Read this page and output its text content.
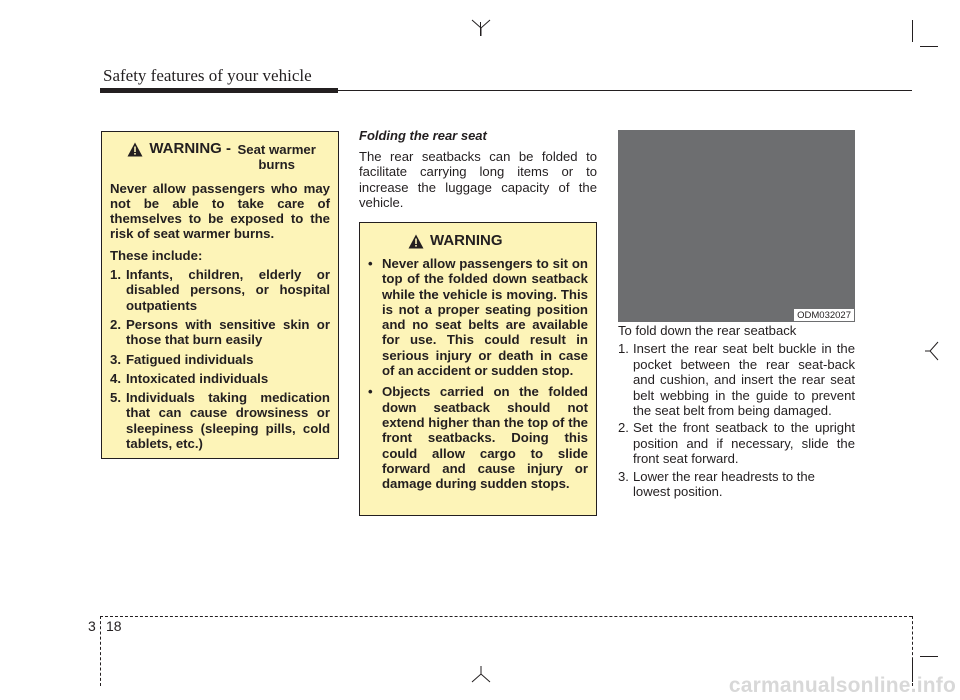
Safety features of your vehicle
WARNING - Seat warmer burns

Never allow passengers who may not be able to take care of themselves to be exposed to the risk of seat warmer burns.

These include:

1. Infants, children, elderly or disabled persons, or hospital outpatients
2. Persons with sensitive skin or those that burn easily
3. Fatigued individuals
4. Intoxicated individuals
5. Individuals taking medication that can cause drowsiness or sleepiness (sleeping pills, cold tablets, etc.)
Folding the rear seat

The rear seatbacks can be folded to facilitate carrying long items or to increase the luggage capacity of the vehicle.

WARNING
• Never allow passengers to sit on top of the folded down seatback while the vehicle is moving. This is not a proper seating position and no seat belts are available for use. This could result in serious injury or death in case of an accident or sudden stop.
• Objects carried on the folded down seatback should not extend higher than the top of the front seatbacks. Doing this could allow cargo to slide forward and cause injury or damage during sudden stops.
ODM032027

To fold down the rear seatback

1. Insert the rear seat belt buckle in the pocket between the rear seat-back and cushion, and insert the rear seat belt webbing in the guide to prevent the seat belt from being damaged.
2. Set the front seatback to the upright position and if necessary, slide the front seat forward.
3. Lower the rear headrests to the lowest position.
3 18
carmanualsonline.info
